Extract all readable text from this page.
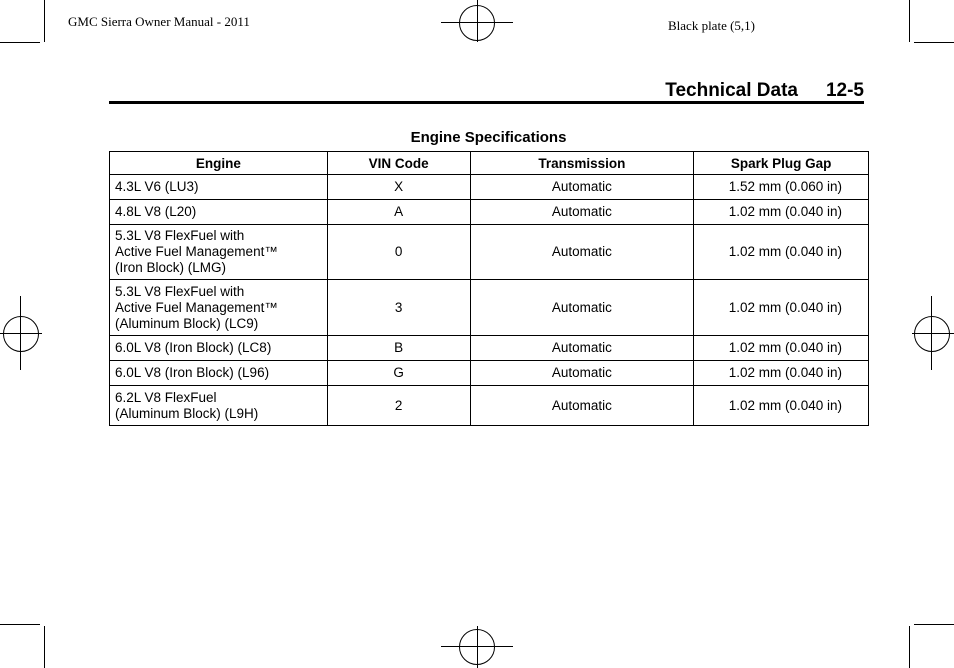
GMC Sierra Owner Manual - 2011	Black plate (5,1)
Technical Data 12-5
Engine Specifications
Engine	VIN Code	Transmission	Spark Plug Gap

4.3L V6 (LU3)	X	Automatic	1.52 mm (0.060 in)

4.8L V8 (L20)	A	Automatic	1.02 mm (0.040 in)

5.3L V8 FlexFuel with
Active Fuel Management™
(Iron Block) (LMG)	0	Automatic	1.02 mm (0.040 in)

5.3L V8 FlexFuel with
Active Fuel Management™
(Aluminum Block) (LC9)	3	Automatic	1.02 mm (0.040 in)

6.0L V8 (Iron Block) (LC8)	B	Automatic	1.02 mm (0.040 in)

6.0L V8 (Iron Block) (L96)	G	Automatic	1.02 mm (0.040 in)

6.2L V8 FlexFuel
(Aluminum Block) (L9H)	2	Automatic	1.02 mm (0.040 in)
